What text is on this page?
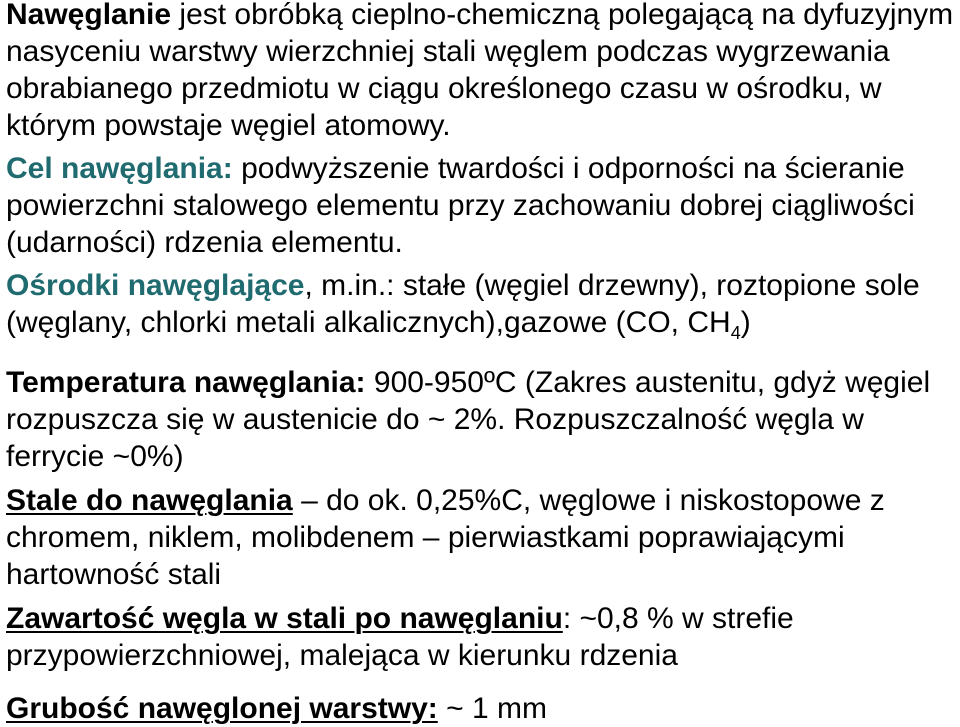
Nawęglanie jest obróbką cieplno-chemiczną polegającą na dyfuzyjnym nasyceniu warstwy wierzchniej stali węglem podczas wygrzewania obrabianego przedmiotu w ciągu określonego czasu w ośrodku, w którym powstaje węgiel atomowy.

Cel nawęglania: podwyższenie twardości i odporności na ścieranie powierzchni stalowego elementu przy zachowaniu dobrej ciągliwości (udarności) rdzenia elementu.

Ośrodki nawęglające, m.in.: stałe (węgiel drzewny), roztopione sole (węglany, chlorki metali alkalicznych),gazowe (CO, $CH_4$)

Temperatura nawęglania: 900-950ºC (Zakres austenitu, gdyż węgiel rozpuszcza się w austenicie do ~ 2%. Rozpuszczalność węgla w ferrycie ~0%)

Stale do nawęglania – do ok. 0,25%C, węglowe i niskostopowe z chromem, niklem, molibdenem – pierwiastkami poprawiającymi hartowność stali

Zawartość węgla w stali po nawęglaniu: ~0,8 % w strefie przypowierzchniowej, malejąca w kierunku rdzenia

Grubość nawęglonej warstwy: ~ 1 mm
